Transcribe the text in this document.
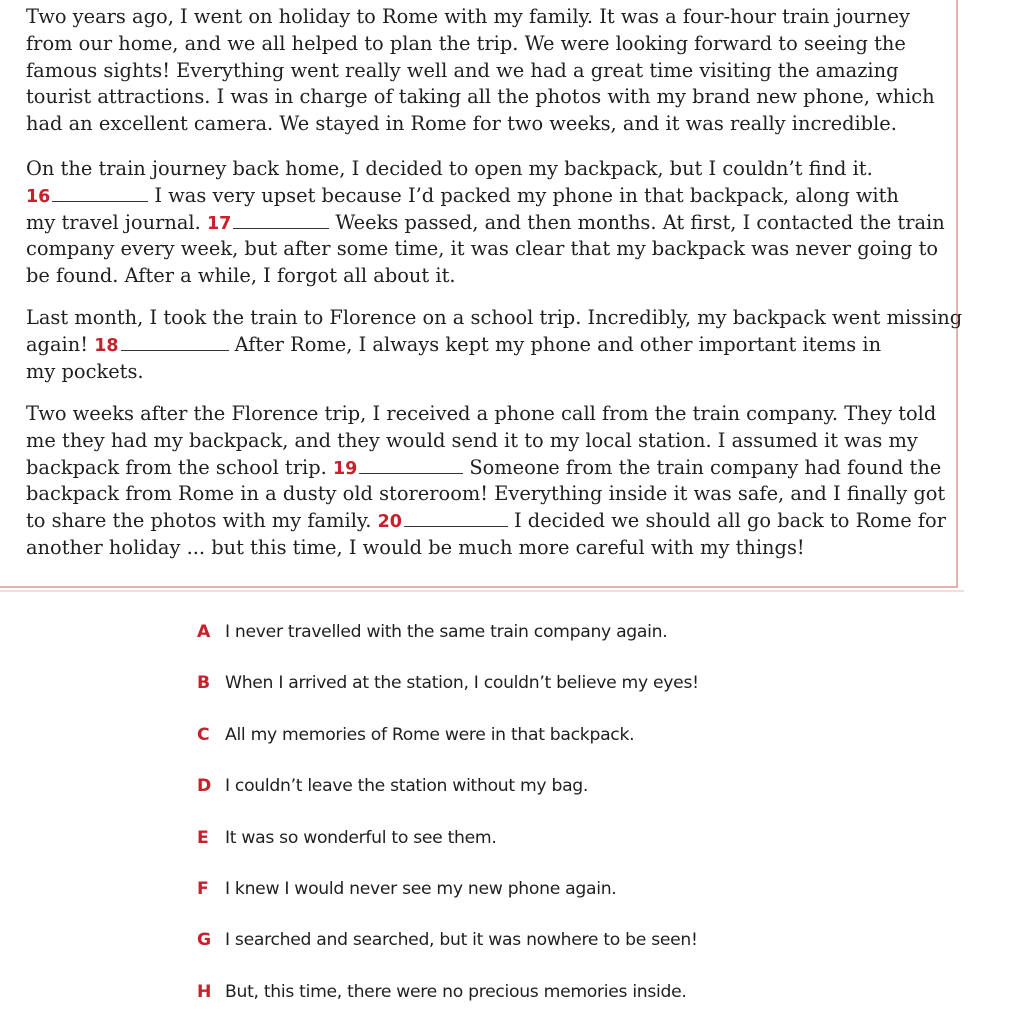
Two years ago, I went on holiday to Rome with my family. It was a four-hour train journey
from our home, and we all helped to plan the trip. We were looking forward to seeing the
famous sights! Everything went really well and we had a great time visiting the amazing
tourist attractions. I was in charge of taking all the photos with my brand new phone, which
had an excellent camera. We stayed in Rome for two weeks, and it was really incredible.

On the train journey back home, I decided to open my backpack, but I couldn’t find it.
16	I was very upset because I’d packed my phone in that backpack, along with
my travel journal. 17	Weeks passed, and then months. At first, I contacted the train
company every week, but after some time, it was clear that my backpack was never going to
be found. After a while, I forgot all about it.

Last month, I took the train to Florence on a school trip. Incredibly, my backpack went missing
again! 18	After Rome, I always kept my phone and other important items in
my pockets.

Two weeks after the Florence trip, I received a phone call from the train company. They told
me they had my backpack, and they would send it to my local station. I assumed it was my
backpack from the school trip. 19	Someone from the train company had found the
backpack from Rome in a dusty old storeroom! Everything inside it was safe, and I finally got
to share the photos with my family. 20	I decided we should all go back to Rome for
another holiday ... but this time, I would be much more careful with my things!

A I never travelled with the same train company again.
B When I arrived at the station, I couldn’t believe my eyes!
C All my memories of Rome were in that backpack.
D I couldn’t leave the station without my bag.
E It was so wonderful to see them.
F I knew I would never see my new phone again.
G I searched and searched, but it was nowhere to be seen!
H But, this time, there were no precious memories inside.
